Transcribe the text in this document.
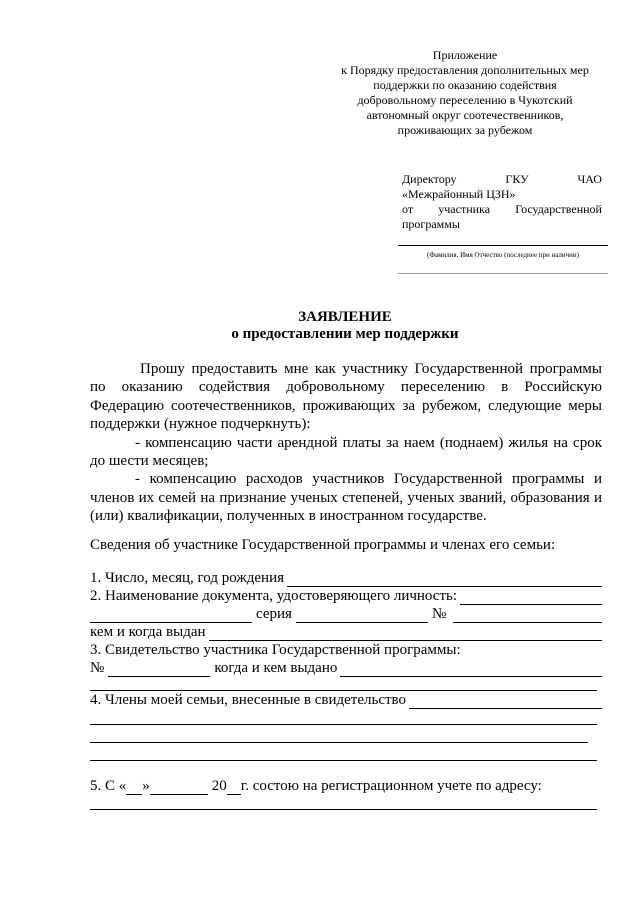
Приложение
к Порядку предоставления дополнительных мер
поддержки по оказанию содействия
добровольному переселению в Чукотский
автономный округ соотечественников,
проживающих за рубежом
Директору	ГКУ	ЧАО
«Межрайонный ЦЗН»
от участника Государственной
программы
(Фамилия, Имя Отчество (последнее при наличии)
ЗАЯВЛЕНИЕ
о предоставлении мер поддержки

Прошу предоставить мне как участнику Государственной программы по оказанию содействия добровольному переселению в Российскую Федерацию соотечественников, проживающих за рубежом, следующие меры поддержки (нужное подчеркнуть):

- компенсацию части арендной платы за наем (поднаем) жилья на срок до шести месяцев;

- компенсацию расходов участников Государственной программы и членов их семей на признание ученых степеней, ученых званий, образования и (или) квалификации, полученных в иностранном государстве.

Сведения об участнике Государственной программы и членах его семьи:
1. Число, месяц, год рождения
2. Наименование документа, удостоверяющего личность:
серия	№
кем и когда выдан
3. Свидетельство участника Государственной программы:
№	когда и кем выдано
4. Члены моей семьи, внесенные в свидетельство
5. С « »	20 г. состою на регистрационном учете по адресу:
